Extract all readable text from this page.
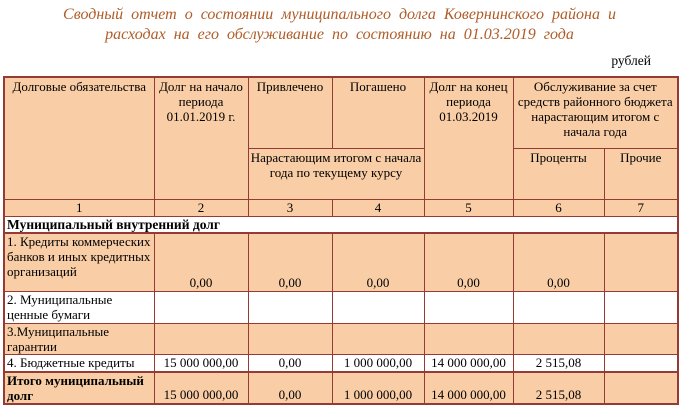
Сводный отчет о состоянии муниципального долга Ковернинского района и расходах на его обслуживание по состоянию на 01.03.2019 года
рублей
Долговые обязательства	Долг на начало периода 01.01.2019 г.	Привлечено	Погашено	Долг на конец периода 01.03.2019	Обслуживание за счет средств районного бюджета нарастающим итогом с начала года	
		Нарастающим итогом с начала года по текущему курсу			Проценты	Прочие
1	2	3	4	5	6	7
Муниципальный внутренний долг						
1. Кредиты коммерческих банков и иных кредитных организаций	0,00	0,00	0,00	0,00	0,00	
2. Муниципальные ценные бумаги						
3.Муниципальные гарантии						
4. Бюджетные кредиты	15 000 000,00	0,00	1 000 000,00	14 000 000,00	2 515,08	
Итого муниципальный долг	15 000 000,00	0,00	1 000 000,00	14 000 000,00	2 515,08	
